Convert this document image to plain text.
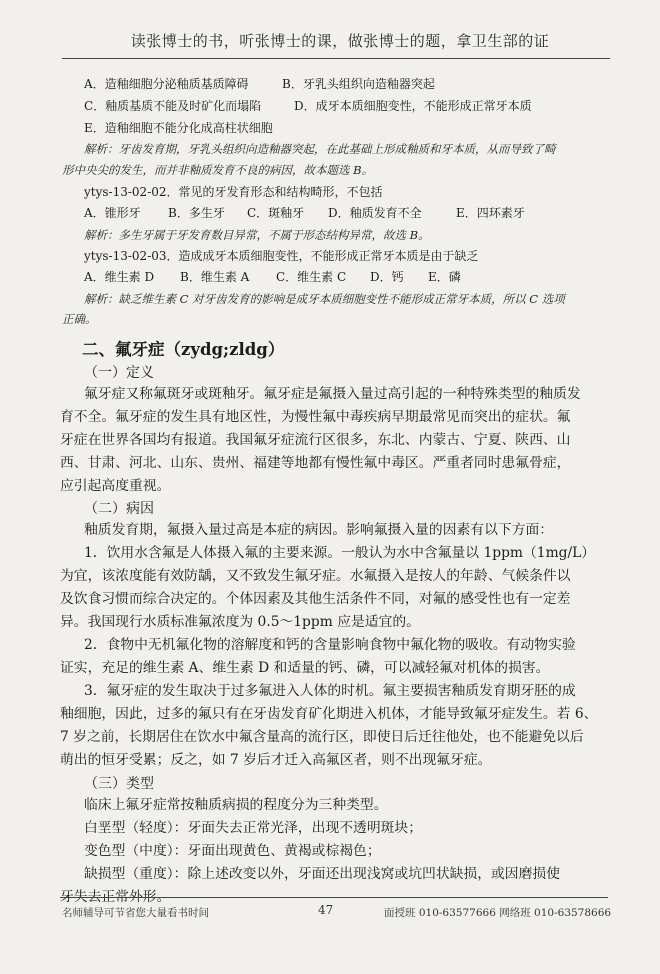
读张博士的书，听张博士的课，做张博士的题，拿卫生部的证
A．造釉细胞分泌釉质基质障碍	B．牙乳头组织向造釉器突起
C．釉质基质不能及时矿化而塌陷	D．成牙本质细胞变性，不能形成正常牙本质
E．造釉细胞不能分化成高柱状细胞
解析：牙齿发育期，牙乳头组织向造釉器突起，在此基础上形成釉质和牙本质，从而导致了畸
形中央尖的发生，而并非釉质发育不良的病因，故本题选 B。
ytys-13-02-02．常见的牙发育形态和结构畸形，不包括
A．锥形牙 B．多生牙 C．斑釉牙 D．釉质发育不全	E．四环素牙
解析：多生牙属于牙发育数目异常，不属于形态结构异常，故选 B。
ytys-13-02-03．造成成牙本质细胞变性，不能形成正常牙本质是由于缺乏
A．维生素 D B．维生素 A C．维生素 C D．钙 E．磷
解析：缺乏维生素 C 对牙齿发育的影响是成牙本质细胞变性不能形成正常牙本质，所以 C 选项
正确。
二、氟牙症（zydg;zldg）
（一）定义
氟牙症又称氟斑牙或斑釉牙。氟牙症是氟摄入量过高引起的一种特殊类型的釉质发
育不全。氟牙症的发生具有地区性，为慢性氟中毒疾病早期最常见而突出的症状。氟
牙症在世界各国均有报道。我国氟牙症流行区很多，东北、内蒙古、宁夏、陕西、山
西、甘肃、河北、山东、贵州、福建等地都有慢性氟中毒区。严重者同时患氟骨症，
应引起高度重视。
（二）病因
釉质发育期，氟摄入量过高是本症的病因。影响氟摄入量的因素有以下方面：
1．饮用水含氟是人体摄入氟的主要来源。一般认为水中含氟量以 1ppm（1mg/L）
为宜，该浓度能有效防龋，又不致发生氟牙症。水氟摄入是按人的年龄、气候条件以
及饮食习惯而综合决定的。个体因素及其他生活条件不同，对氟的感受性也有一定差
异。我国现行水质标准氟浓度为 0.5～1ppm 应是适宜的。
2．食物中无机氟化物的溶解度和钙的含量影响食物中氟化物的吸收。有动物实验
证实，充足的维生素 A、维生素 D 和适量的钙、磷，可以减轻氟对机体的损害。
3．氟牙症的发生取决于过多氟进入人体的时机。氟主要损害釉质发育期牙胚的成
釉细胞，因此，过多的氟只有在牙齿发育矿化期进入机体，才能导致氟牙症发生。若 6、
7 岁之前，长期居住在饮水中氟含量高的流行区，即使日后迁往他处，也不能避免以后
萌出的恒牙受累；反之，如 7 岁后才迁入高氟区者，则不出现氟牙症。
（三）类型
临床上氟牙症常按釉质病损的程度分为三种类型。
白垩型（轻度）：牙面失去正常光泽，出现不透明斑块；
变色型（中度）：牙面出现黄色、黄褐或棕褐色；
缺损型（重度）：除上述改变以外，牙面还出现浅窝或坑凹状缺损，或因磨损使
牙失去正常外形。
名师辅导可节省您大量看书时间	47	面授班 010-63577666 网络班 010-63578666
